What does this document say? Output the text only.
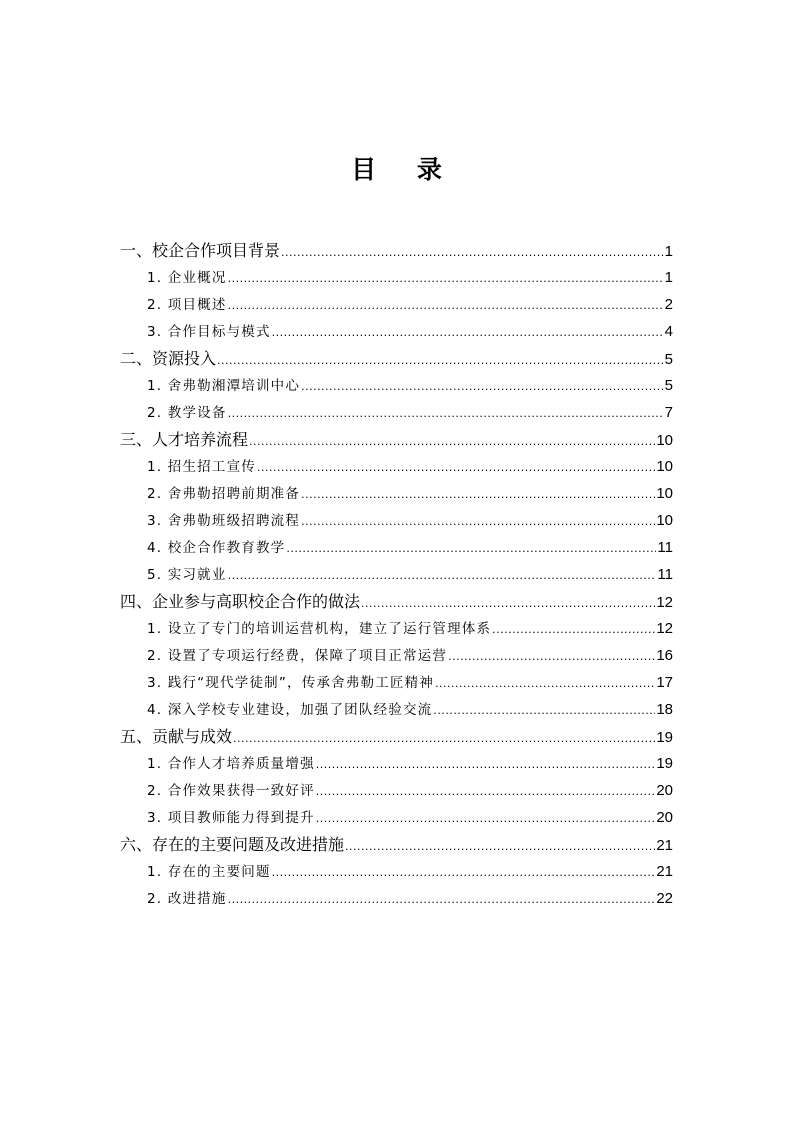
目 录
一、校企合作项目背景 .....	1
1. 企业概况 .....	1
2. 项目概述 .....	2
3. 合作目标与模式 .....	4
二、资源投入 .....	5
1. 舍弗勒湘潭培训中心 .....	5
2. 教学设备 .....	7
三、人才培养流程 .....	10
1. 招生招工宣传 .....	10
2. 舍弗勒招聘前期准备 .....	10
3. 舍弗勒班级招聘流程 .....	10
4. 校企合作教育教学 .....	11
5. 实习就业 .....	11
四、企业参与高职校企合作的做法 .....	12
1. 设立了专门的培训运营机构，建立了运行管理体系 .....	12
2. 设置了专项运行经费，保障了项目正常运营 .....	16
3. 践行“现代学徒制”，传承舍弗勒工匠精神 .....	17
4. 深入学校专业建设，加强了团队经验交流 .....	18
五、贡献与成效 .....	19
1. 合作人才培养质量增强 .....	19
2. 合作效果获得一致好评 .....	20
3. 项目教师能力得到提升 .....	20
六、存在的主要问题及改进措施 .....	21
1. 存在的主要问题 .....	21
2. 改进措施 .....	22
